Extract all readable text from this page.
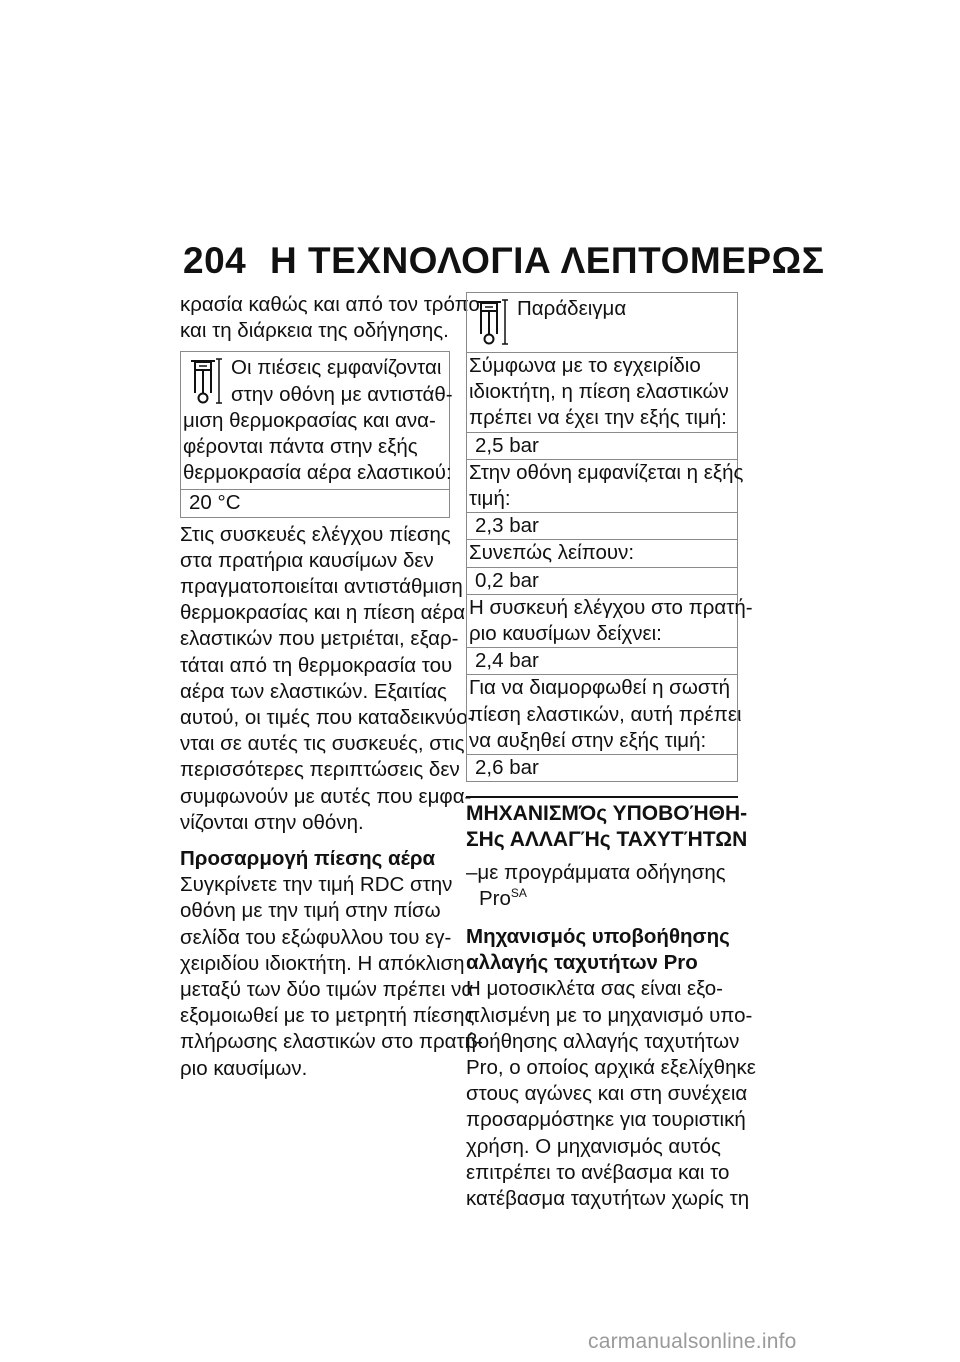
204 Η ΤΕΧΝΟΛΟΓΙΑ ΛΕΠΤΟΜΕΡΩΣ
κρασία καθώς και από τον τρόπο
και τη διάρκεια της οδήγησης.
Οι πιέσεις εμφανίζονται
στην οθόνη με αντιστάθ-
μιση θερμοκρασίας και ανα-
φέρονται πάντα στην εξής
θερμοκρασία αέρα ελαστικού:
20 °C
Στις συσκευές ελέγχου πίεσης
στα πρατήρια καυσίμων δεν
πραγματοποιείται αντιστάθμιση
θερμοκρασίας και η πίεση αέρα
ελαστικών που μετριέται, εξαρ-
τάται από τη θερμοκρασία του
αέρα των ελαστικών. Εξαιτίας
αυτού, οι τιμές που καταδεικνύο-
νται σε αυτές τις συσκευές, στις
περισσότερες περιπτώσεις δεν
συμφωνούν με αυτές που εμφα-
νίζονται στην οθόνη.
Προσαρμογή πίεσης αέρα
Συγκρίνετε την τιμή RDC στην
οθόνη με την τιμή στην πίσω
σελίδα του εξώφυλλου του εγ-
χειριδίου ιδιοκτήτη. Η απόκλιση
μεταξύ των δύο τιμών πρέπει να
εξομοιωθεί με το μετρητή πίεσης
πλήρωσης ελαστικών στο πρατή-
ριο καυσίμων.
Παράδειγμα
Σύμφωνα με το εγχειρίδιο
ιδιοκτήτη, η πίεση ελαστικών
πρέπει να έχει την εξής τιμή:
2,5 bar
Στην οθόνη εμφανίζεται η εξής
τιμή:
2,3 bar
Συνεπώς λείπουν:
0,2 bar
Η συσκευή ελέγχου στο πρατή-
ριο καυσίμων δείχνει:
2,4 bar
Για να διαμορφωθεί η σωστή
πίεση ελαστικών, αυτή πρέπει
να αυξηθεί στην εξής τιμή:
2,6 bar
ΜΗΧΑΝΙΣΜΌς ΥΠΟΒΟΉΘΗ-
ΣΗς ΑΛΛΑΓΉς ΤΑΧΥΤΉΤΩΝ
–με προγράμματα οδήγησης
Pro$^{SA}$
Μηχανισμός υποβοήθησης
αλλαγής ταχυτήτων Pro
Η μοτοσικλέτα σας είναι εξο-
πλισμένη με το μηχανισμό υπο-
βοήθησης αλλαγής ταχυτήτων
Pro, ο οποίος αρχικά εξελίχθηκε
στους αγώνες και στη συνέχεια
προσαρμόστηκε για τουριστική
χρήση. Ο μηχανισμός αυτός
επιτρέπει το ανέβασμα και το
κατέβασμα ταχυτήτων χωρίς τη
carmanualsonline.info
